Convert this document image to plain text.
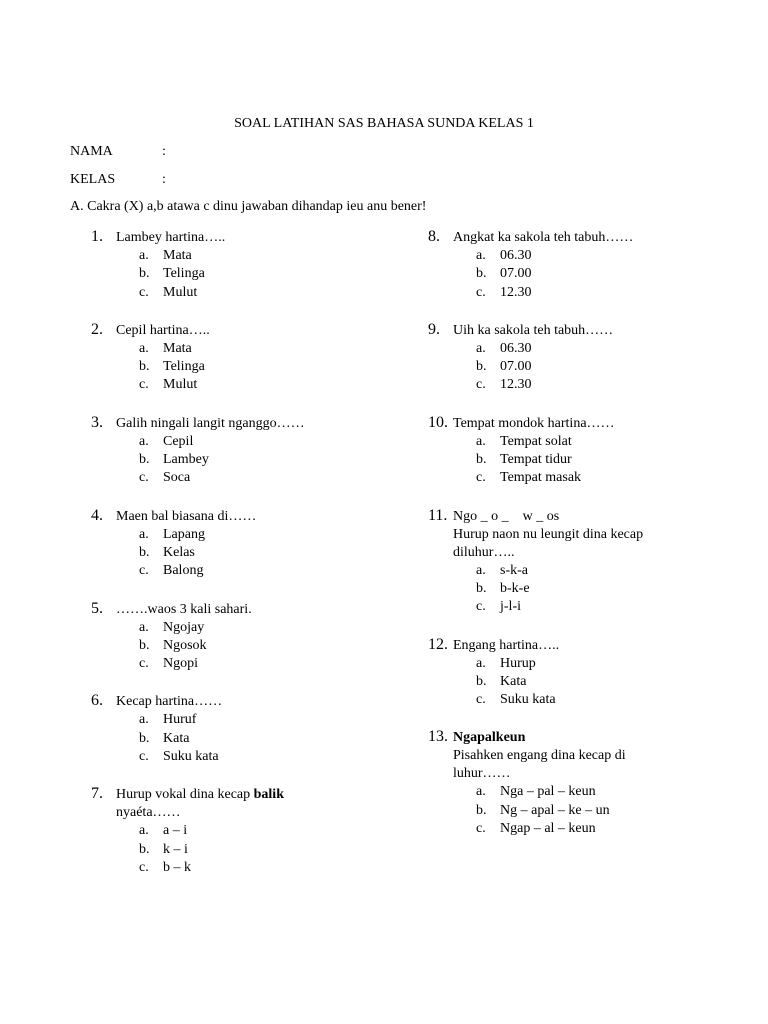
SOAL LATIHAN SAS BAHASA SUNDA KELAS 1
NAMA	:
KELAS	:
A. Cakra (X) a,b atawa c dinu jawaban dihandap ieu anu bener!
1. Lambey hartina…..
a. Mata
b. Telinga
c. Mulut
2. Cepil hartina…..
a. Mata
b. Telinga
c. Mulut
3. Galih ningali langit nganggo……
a. Cepil
b. Lambey
c. Soca
4. Maen bal biasana di……
a. Lapang
b. Kelas
c. Balong
5. …….waos 3 kali sahari.
a. Ngojay
b. Ngosok
c. Ngopi
6. Kecap hartina……
a. Huruf
b. Kata
c. Suku kata
7. Hurup vokal dina kecap balik
nyaéta……
a. a – i
b. k – i
c. b – k
8. Angkat ka sakola teh tabuh……
a. 06.30
b. 07.00
c. 12.30
9. Uih ka sakola teh tabuh……
a. 06.30
b. 07.00
c. 12.30
10. Tempat mondok hartina……
a. Tempat solat
b. Tempat tidur
c. Tempat masak
11. Ngo _ o _    w _ os
Hurup naon nu leungit dina kecap
diluhur…..
a. s-k-a
b. b-k-e
c. j-l-i
12. Engang hartina…..
a. Hurup
b. Kata
c. Suku kata
13. Ngapalkeun
Pisahken engang dina kecap di
luhur……
a. Nga – pal – keun
b. Ng – apal – ke – un
c. Ngap – al – keun
